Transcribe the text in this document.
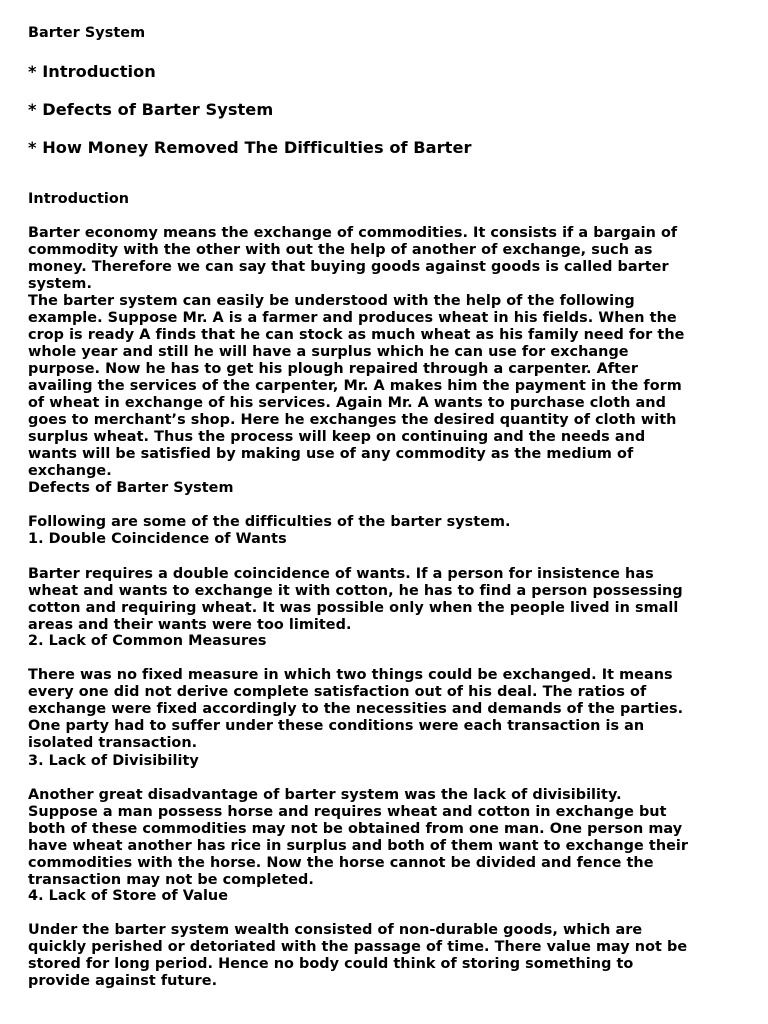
Barter System
* Introduction
* Defects of Barter System
* How Money Removed The Difficulties of Barter
Introduction
Barter economy means the exchange of commodities. It consists if a bargain of
commodity with the other with out the help of another of exchange, such as
money. Therefore we can say that buying goods against goods is called barter
system.
The barter system can easily be understood with the help of the following
example. Suppose Mr. A is a farmer and produces wheat in his fields. When the
crop is ready A finds that he can stock as much wheat as his family need for the
whole year and still he will have a surplus which he can use for exchange
purpose. Now he has to get his plough repaired through a carpenter. After
availing the services of the carpenter, Mr. A makes him the payment in the form
of wheat in exchange of his services. Again Mr. A wants to purchase cloth and
goes to merchant’s shop. Here he exchanges the desired quantity of cloth with
surplus wheat. Thus the process will keep on continuing and the needs and
wants will be satisfied by making use of any commodity as the medium of
exchange.
Defects of Barter System
Following are some of the difficulties of the barter system.
1. Double Coincidence of Wants
Barter requires a double coincidence of wants. If a person for insistence has
wheat and wants to exchange it with cotton, he has to find a person possessing
cotton and requiring wheat. It was possible only when the people lived in small
areas and their wants were too limited.
2. Lack of Common Measures
There was no fixed measure in which two things could be exchanged. It means
every one did not derive complete satisfaction out of his deal. The ratios of
exchange were fixed accordingly to the necessities and demands of the parties.
One party had to suffer under these conditions were each transaction is an
isolated transaction.
3. Lack of Divisibility
Another great disadvantage of barter system was the lack of divisibility.
Suppose a man possess horse and requires wheat and cotton in exchange but
both of these commodities may not be obtained from one man. One person may
have wheat another has rice in surplus and both of them want to exchange their
commodities with the horse. Now the horse cannot be divided and fence the
transaction may not be completed.
4. Lack of Store of Value
Under the barter system wealth consisted of non-durable goods, which are
quickly perished or detoriated with the passage of time. There value may not be
stored for long period. Hence no body could think of storing something to
provide against future.
